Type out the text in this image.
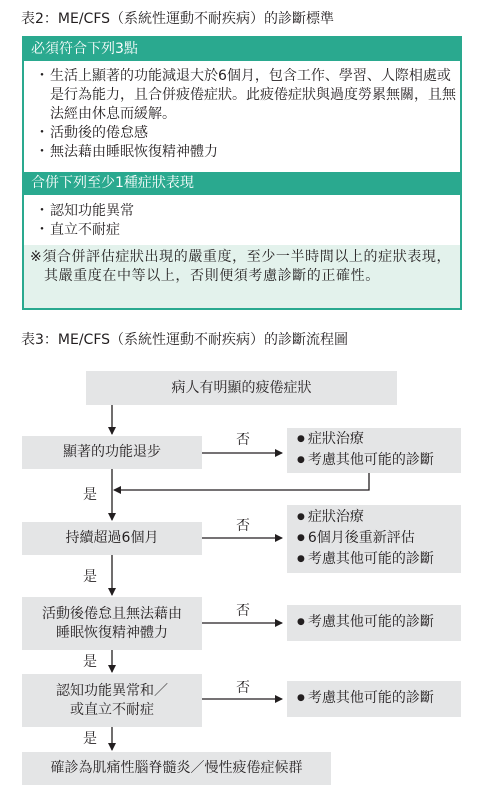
表2：ME/CFS（系統性運動不耐疾病）的診斷標準
必須符合下列3點
・ 生活上顯著的功能減退大於6個月，包含工作、學習、人際相處或是行為能力，且合併疲倦症狀。此疲倦症狀與過度勞累無關，且無法經由休息而緩解。
・ 活動後的倦怠感
・ 無法藉由睡眠恢復精神體力
合併下列至少1種症狀表現
・ 認知功能異常
・ 直立不耐症
※須合併評估症狀出現的嚴重度，至少一半時間以上的症狀表現，其嚴重度在中等以上，否則便須考慮診斷的正確性。
表3：ME/CFS（系統性運動不耐疾病）的診斷流程圖
病人有明顯的疲倦症狀
顯著的功能退步
持續超過6個月
活動後倦怠且無法藉由
睡眠恢復精神體力
認知功能異常和／
或直立不耐症
確診為肌痛性腦脊髓炎／慢性疲倦症候群
● 症狀治療
● 考慮其他可能的診斷
● 症狀治療
● 6個月後重新評估
● 考慮其他可能的診斷
● 考慮其他可能的診斷
● 考慮其他可能的診斷
否
否
否
否
是
是
是
是
